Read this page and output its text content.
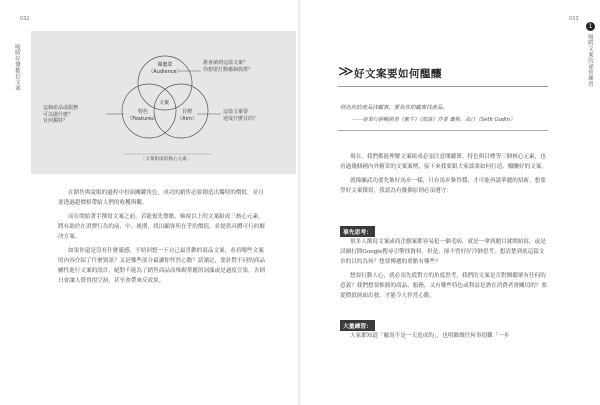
032
吸睛好懂數位文案	閱聽眾
（Audience）
特色
（Features）
目標
（Aim）
文案
誰會讀到這篇文案？
你想要打動哪個族群？
這個產品或服務
可以做什麼？
有何獨特？
這篇文案要
達成什麼目的？
「文案組成的核心元素」

在銷售與說服的過程中扮演關鍵角色，成功的銷售必要創造出獨特的價值，並且要透過超價格帶給人們的收穫與觀。

而在開始著手撰寫文案之前，若能預先盤點、檢視以上的文案組成三核心元素，將有助於在消費行為的前、中、後期，找出顧客所在乎的價值，並提供具體可行的解決方案。

如果你還是沒有什麼靈感，不妨回想一下自己最喜歡的商品文案，看看哪些文案的內容介紹了什麼資訊？又是哪些部分最讓你怦然心動？請讀記，要針對不同的商品屬性進行文案的設計，絕對不能為了銷售商品而堆砌華麗的詞藻或是過度宣染，否則只會讓人覺得很空洞，甚至會帶來反效果。

033
1
吸睛文案的祕密練習
≫ 好文案要如何醞釀
別為你的產品找顧客，要為你的顧客找產品。
——商業行銷暢銷書《紫牛》《部落》作者 賽斯．高汀（Seth Godin）

現在，我們都能理解文案組成必須注意閱聽眾、特色與目標等三個核心元素，也看過幾個國內外精采的文案案例，接下來我要跟大家談談如何打造、醞釀好的文案。

就像練武功要先紮好馬步一樣，只有馬步紮得穩，才可能再談華麗的招術，想要學好文案撰寫，我認為有幾個原則必須遵守：

事先思考：

很多人撰寫文案或商企劃案都容易犯一個毛病，就是一拿到題目就開始寫，或是試圖打開Google搜尋引擎找資料，但是，卻不曾好好冷靜思考，想清楚到底這篇文章的目的為何？想要傳遞的重點有哪些？

想要打動人心，就必須先從對方的角度思考，我們的文案是否對閱聽眾有任何的意義？我們想要推薦的商品、服務，又有哪些特色或利益是潛在消費者會關切的？要從價值層面出發，才能令人怦然心動。

大量練習：

大家都知道「羅馬不是一天造成的」，也明瞭做任何事很難「一步
